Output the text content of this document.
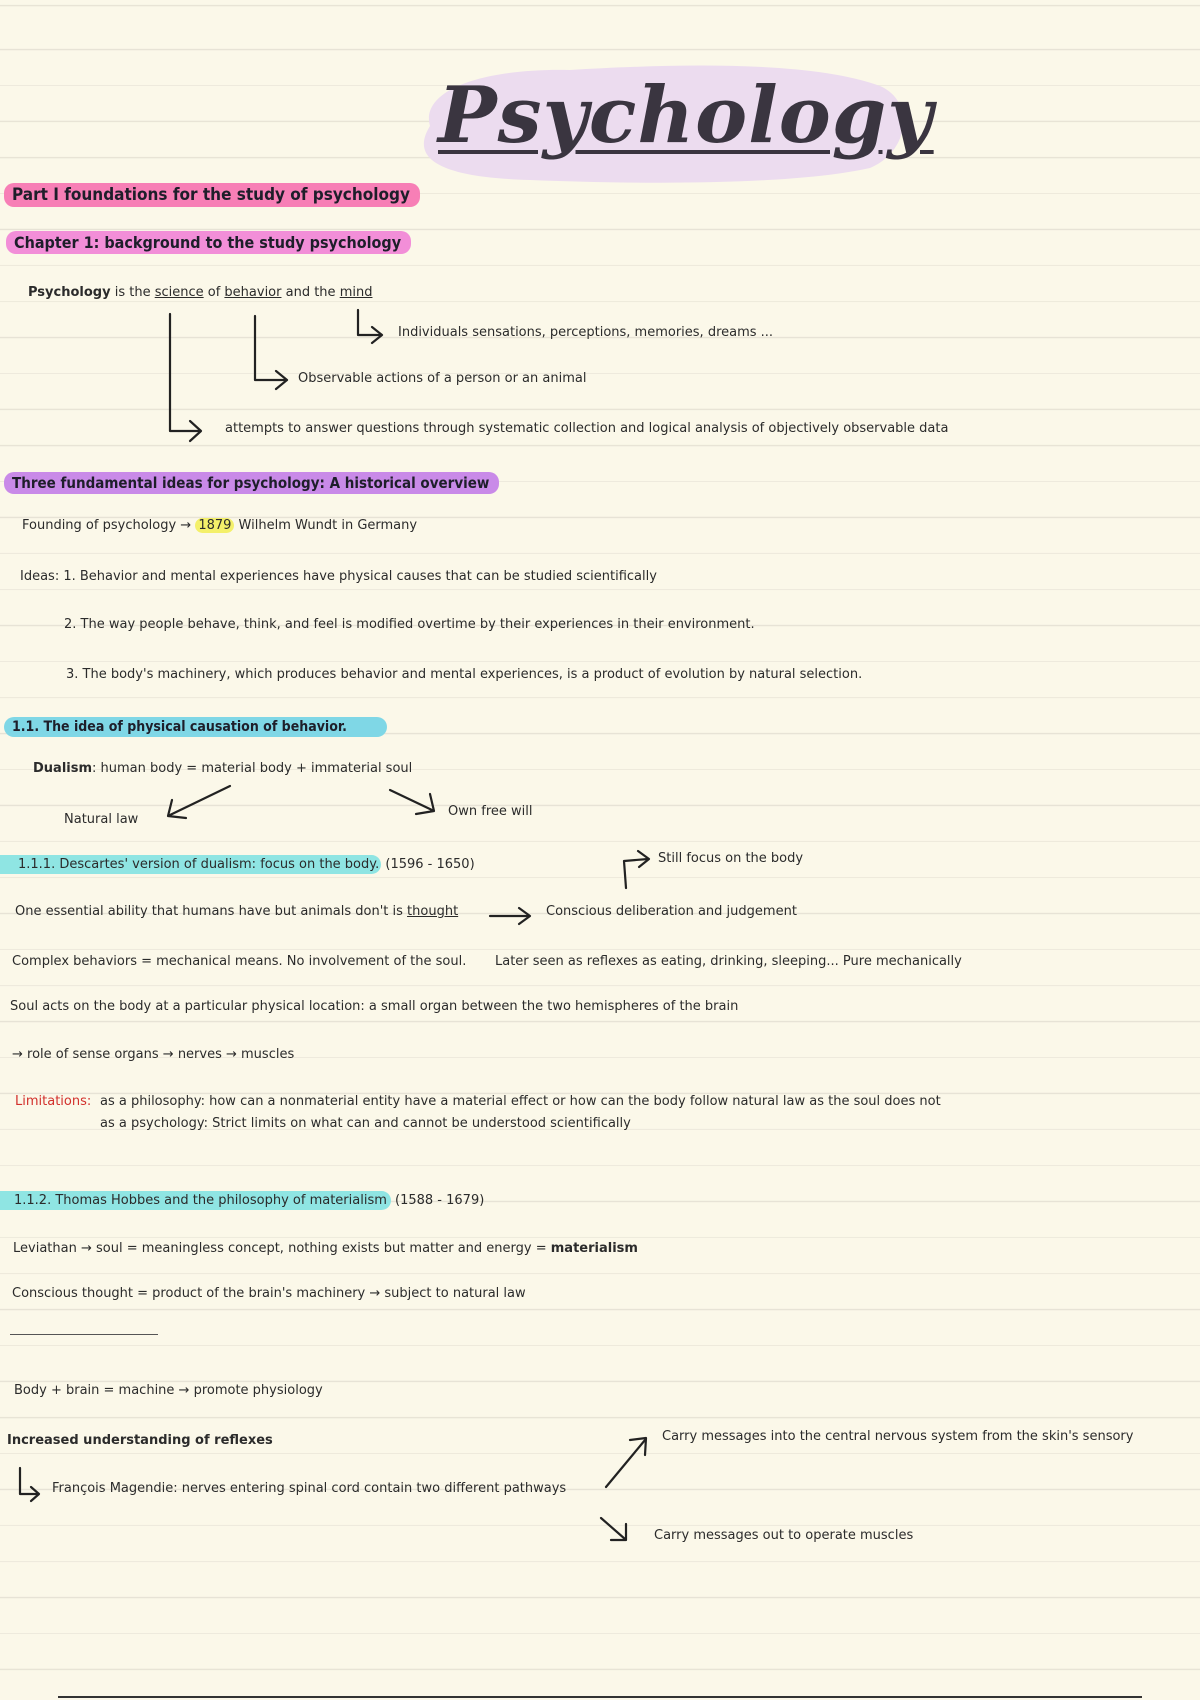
Psychology
Part I foundations for the study of psychology
Chapter 1: background to the study psychology
Psychology is the science of behavior and the mind
Individuals sensations, perceptions, memories, dreams ...
Observable actions of a person or an animal
attempts to answer questions through systematic collection and logical analysis of objectively observable data
Three fundamental ideas for psychology: A historical overview
Founding of psychology → 1879 Wilhelm Wundt in Germany
Ideas: 1. Behavior and mental experiences have physical causes that can be studied scientifically
2. The way people behave, think, and feel is modified overtime by their experiences in their environment.
3. The body's machinery, which produces behavior and mental experiences, is a product of evolution by natural selection.
1.1. The idea of physical causation of behavior.
Dualism: human body = material body + immaterial soul
Natural law
Own free will
1.1.1. Descartes' version of dualism: focus on the body. (1596 - 1650)	Still focus on the body
One essential ability that humans have but animals don't is thought	Conscious deliberation and judgement
Complex behaviors = mechanical means. No involvement of the soul. Later seen as reflexes as eating, drinking, sleeping... Pure mechanically
Soul acts on the body at a particular physical location: a small organ between the two hemispheres of the brain
→ role of sense organs → nerves → muscles
Limitations: as a philosophy: how can a nonmaterial entity have a material effect or how can the body follow natural law as the soul does not
as a psychology: Strict limits on what can and cannot be understood scientifically
1.1.2. Thomas Hobbes and the philosophy of materialism (1588 - 1679)
Leviathan → soul = meaningless concept, nothing exists but matter and energy = materialism
Conscious thought = product of the brain's machinery → subject to natural law
Body + brain = machine → promote physiology
Increased understanding of reflexes
François Magendie: nerves entering spinal cord contain two different pathways
Carry messages into the central nervous system from the skin's sensory
Carry messages out to operate muscles
